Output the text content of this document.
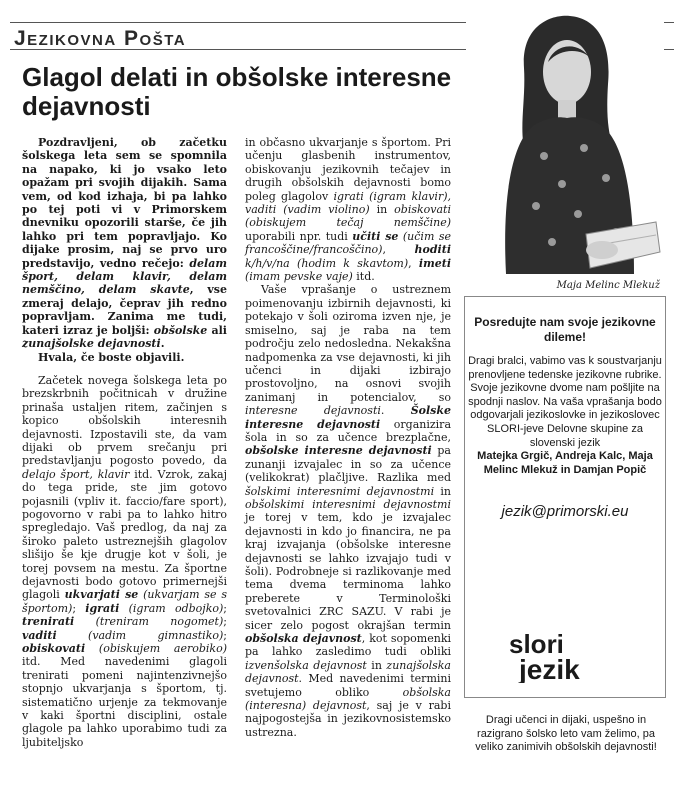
Jezikovna Pošta
Glagol delati in obšolske interesne dejavnosti

Pozdravljeni, ob začetku šolskega leta sem se spomnila na napako, ki jo vsako leto opažam pri svojih dijakih. Sama vem, od kod izhaja, bi pa lahko po tej poti vi v Primorskem dnevniku opozorili starše, če jih lahko pri tem popravljajo. Ko dijake prosim, naj se prvo uro predstavijo, vedno rečejo: delam šport, delam klavir, delam nemščino, delam skavte, vse zmeraj delajo, čeprav jih redno popravljam. Zanima me tudi, kateri izraz je boljši: obšolske ali zunajšolske dejavnosti.

Hvala, če boste objavili.

Začetek novega šolskega leta po brezskrbnih počitnicah v družine prinaša ustaljen ritem, začinjen s kopico obšolskih interesnih dejavnosti. Izpostavili ste, da vam dijaki ob prvem srečanju pri predstavljanju pogosto povedo, da delajo šport, klavir itd. Vzrok, zakaj do tega pride, ste jim gotovo pojasnili (vpliv it. faccio/fare sport), pogovorno v rabi pa to lahko hitro spregledajo. Vaš predlog, da naj za široko paleto ustreznejših glagolov slišijo še kje drugje kot v šoli, je torej povsem na mestu. Za športne dejavnosti bodo gotovo primernejši glagoli ukvarjati se (ukvarjam se s športom); igrati (igram odbojko); trenirati (treniram nogomet); vaditi (vadim gimnastiko); obiskovati (obiskujem aerobiko) itd. Med navedenimi glagoli trenirati pomeni najintenzivnejšo stopnjo ukvarjanja s športom, tj. sistematično urjenje za tekmovanje v kaki športni disciplini, ostale glagole pa lahko uporabimo tudi za ljubiteljsko

in občasno ukvarjanje s športom. Pri učenju glasbenih instrumentov, obiskovanju jezikovnih tečajev in drugih obšolskih dejavnosti bomo poleg glagolov igrati (igram klavir), vaditi (vadim violino) in obiskovati (obiskujem tečaj nemščine) uporabili npr. tudi učiti se (učim se francoščine/francoščino), hoditi k/h/v/na (hodim k skavtom), imeti (imam pevske vaje) itd.

Vaše vprašanje o ustreznem poimenovanju izbirnih dejavnosti, ki potekajo v šoli oziroma izven nje, je smiselno, saj je raba na tem področju zelo nedosledna. Nekakšna nadpomenka za vse dejavnosti, ki jih učenci in dijaki izbirajo prostovoljno, na osnovi svojih zanimanj in potencialov, so interesne dejavnosti. Šolske interesne dejavnosti organizira šola in so za učence brezplačne, obšolske interesne dejavnosti pa zunanji izvajalec in so za učence (velikokrat) plačljive. Razlika med šolskimi interesnimi dejavnostmi in obšolskimi interesnimi dejavnostmi je torej v tem, kdo je izvajalec dejavnosti in kdo jo financira, ne pa kraj izvajanja (obšolske interesne dejavnosti se lahko izvajajo tudi v šoli). Podrobneje si razlikovanje med tema dvema terminoma lahko preberete v Terminološki svetovalnici ZRC SAZU. V rabi je sicer zelo pogost okrajšan termin obšolska dejavnost, kot sopomenki pa lahko zasledimo tudi obliki izvenšolska dejavnost in zunajšolska dejavnost. Med navedenimi termini svetujemo obliko obšolska (interesna) dejavnost, saj je v rabi najpogostejša in jezikovnosistemsko ustrezna.

Maja Melinc Mlekuž
Posredujte nam svoje jezikovne dileme!
Dragi bralci, vabimo vas k soustvarjanju prenovljene tedenske jezikovne rubrike. Svoje jezikovne dvome nam pošljite na spodnji naslov. Na vaša vprašanja bodo odgovarjali jezikoslovke in jezikoslovec SLORI-jeve Delovne skupine za slovenski jezik
Matejka Grgič, Andreja Kalc, Maja Melinc Mlekuž in Damjan Popič
jezik@primorski.eu
slori
jezik
Dragi učenci in dijaki, uspešno in razigrano šolsko leto vam želimo, pa veliko zanimivih obšolskih dejavnosti!
